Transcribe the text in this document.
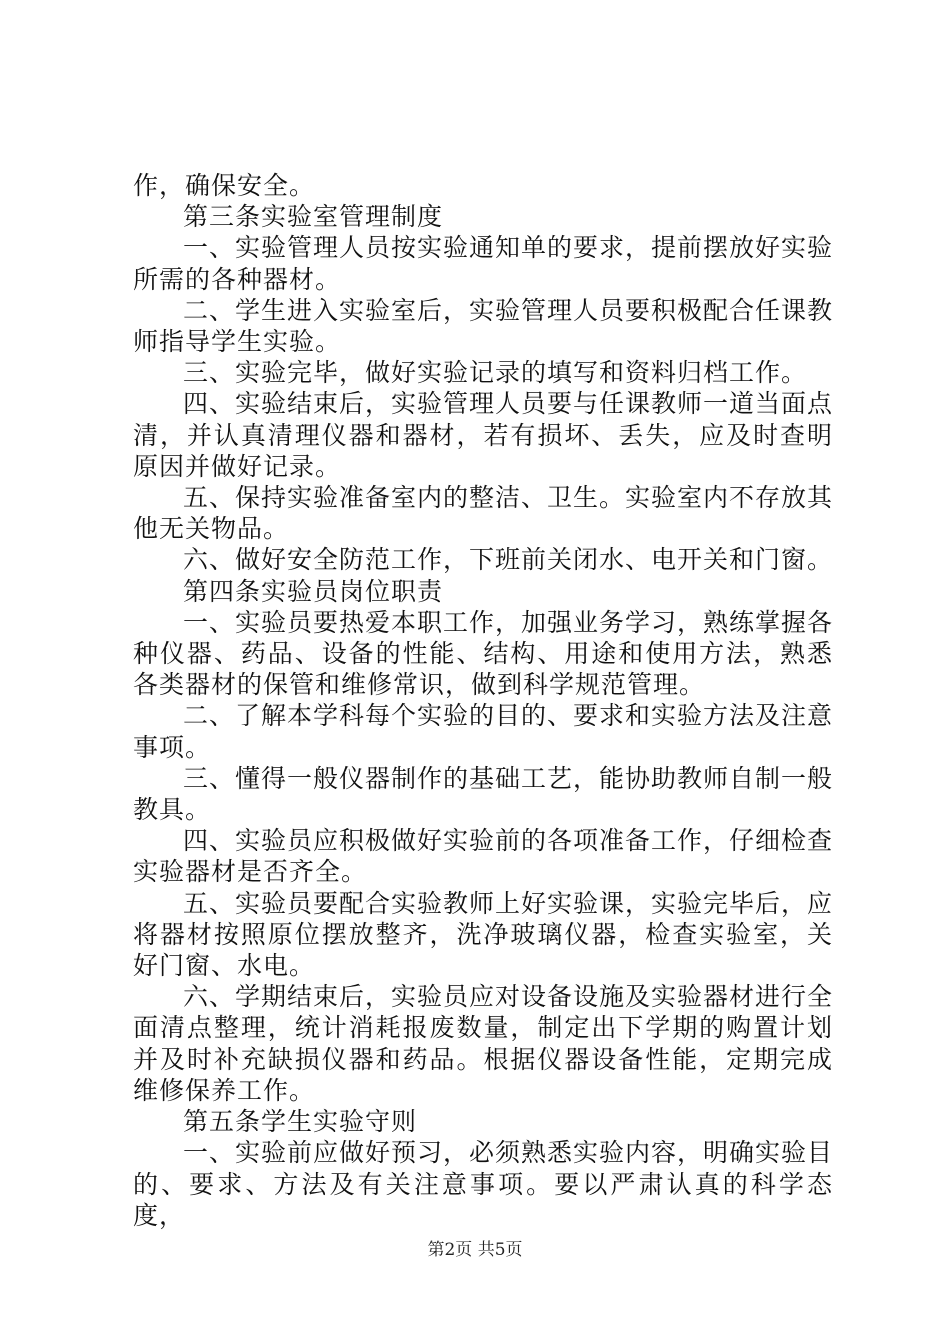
作，确保安全。

第三条实验室管理制度

一、实验管理人员按实验通知单的要求，提前摆放好实验所需的各种器材。

二、学生进入实验室后，实验管理人员要积极配合任课教师指导学生实验。

三、实验完毕，做好实验记录的填写和资料归档工作。

四、实验结束后，实验管理人员要与任课教师一道当面点清，并认真清理仪器和器材，若有损坏、丢失，应及时查明原因并做好记录。

五、保持实验准备室内的整洁、卫生。实验室内不存放其他无关物品。

六、做好安全防范工作，下班前关闭水、电开关和门窗。

第四条实验员岗位职责

一、实验员要热爱本职工作，加强业务学习，熟练掌握各种仪器、药品、设备的性能、结构、用途和使用方法，熟悉各类器材的保管和维修常识，做到科学规范管理。

二、了解本学科每个实验的目的、要求和实验方法及注意事项。

三、懂得一般仪器制作的基础工艺，能协助教师自制一般教具。

四、实验员应积极做好实验前的各项准备工作，仔细检查实验器材是否齐全。

五、实验员要配合实验教师上好实验课，实验完毕后，应将器材按照原位摆放整齐，洗净玻璃仪器，检查实验室，关好门窗、水电。

六、学期结束后，实验员应对设备设施及实验器材进行全面清点整理，统计消耗报废数量，制定出下学期的购置计划并及时补充缺损仪器和药品。根据仪器设备性能，定期完成维修保养工作。

第五条学生实验守则

一、实验前应做好预习，必须熟悉实验内容，明确实验目的、要求、方法及有关注意事项。要以严肃认真的科学态度，

第2页 共5页
